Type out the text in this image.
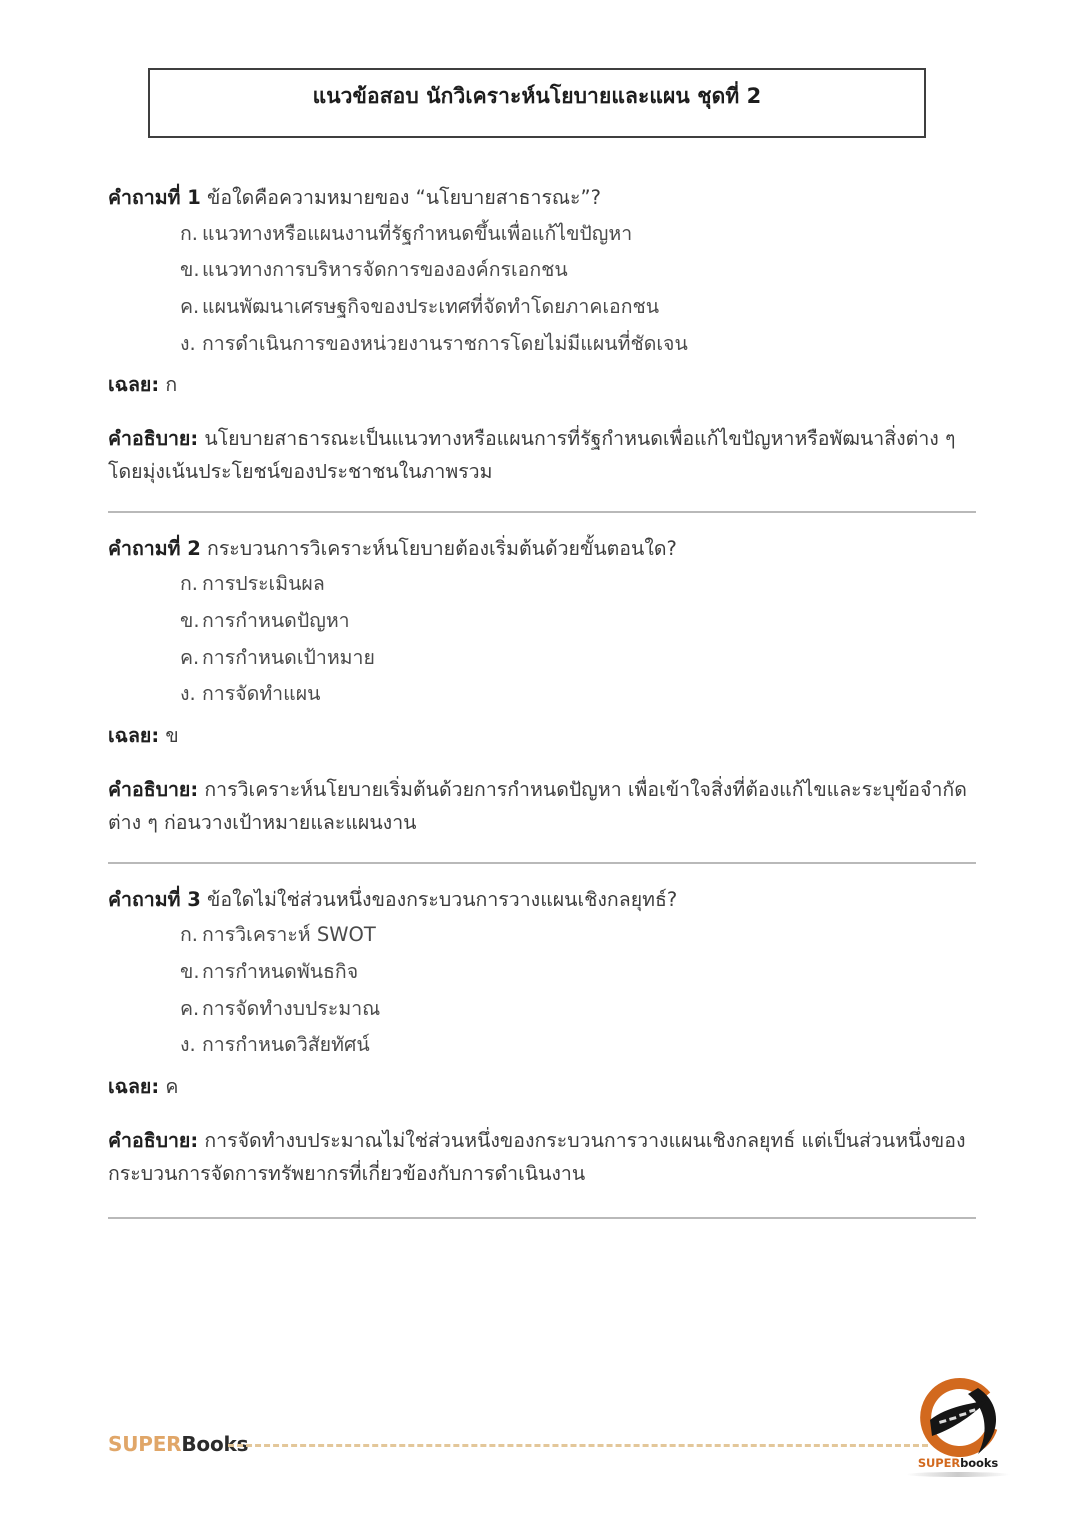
แนวข้อสอบ นักวิเคราะห์นโยบายและแผน ชุดที่ 2

คำถามที่ 1 ข้อใดคือความหมายของ “นโยบายสาธารณะ”?

ก. แนวทางหรือแผนงานที่รัฐกำหนดขึ้นเพื่อแก้ไขปัญหา
ข. แนวทางการบริหารจัดการขององค์กรเอกชน
ค. แผนพัฒนาเศรษฐกิจของประเทศที่จัดทำโดยภาคเอกชน
ง. การดำเนินการของหน่วยงานราชการโดยไม่มีแผนที่ชัดเจน

เฉลย: ก

คำอธิบาย: นโยบายสาธารณะเป็นแนวทางหรือแผนการที่รัฐกำหนดเพื่อแก้ไขปัญหาหรือพัฒนาสิ่งต่าง ๆ โดยมุ่งเน้นประโยชน์ของประชาชนในภาพรวม

คำถามที่ 2 กระบวนการวิเคราะห์นโยบายต้องเริ่มต้นด้วยขั้นตอนใด?

ก. การประเมินผล
ข. การกำหนดปัญหา
ค. การกำหนดเป้าหมาย
ง. การจัดทำแผน

เฉลย: ข

คำอธิบาย: การวิเคราะห์นโยบายเริ่มต้นด้วยการกำหนดปัญหา เพื่อเข้าใจสิ่งที่ต้องแก้ไขและระบุข้อจำกัดต่าง ๆ ก่อนวางเป้าหมายและแผนงาน

คำถามที่ 3 ข้อใดไม่ใช่ส่วนหนึ่งของกระบวนการวางแผนเชิงกลยุทธ์?

ก. การวิเคราะห์ SWOT
ข. การกำหนดพันธกิจ
ค. การจัดทำงบประมาณ
ง. การกำหนดวิสัยทัศน์

เฉลย: ค

คำอธิบาย: การจัดทำงบประมาณไม่ใช่ส่วนหนึ่งของกระบวนการวางแผนเชิงกลยุทธ์ แต่เป็นส่วนหนึ่งของกระบวนการจัดการทรัพยากรที่เกี่ยวข้องกับการดำเนินงาน

SUPERBooks
SUPERbooks
